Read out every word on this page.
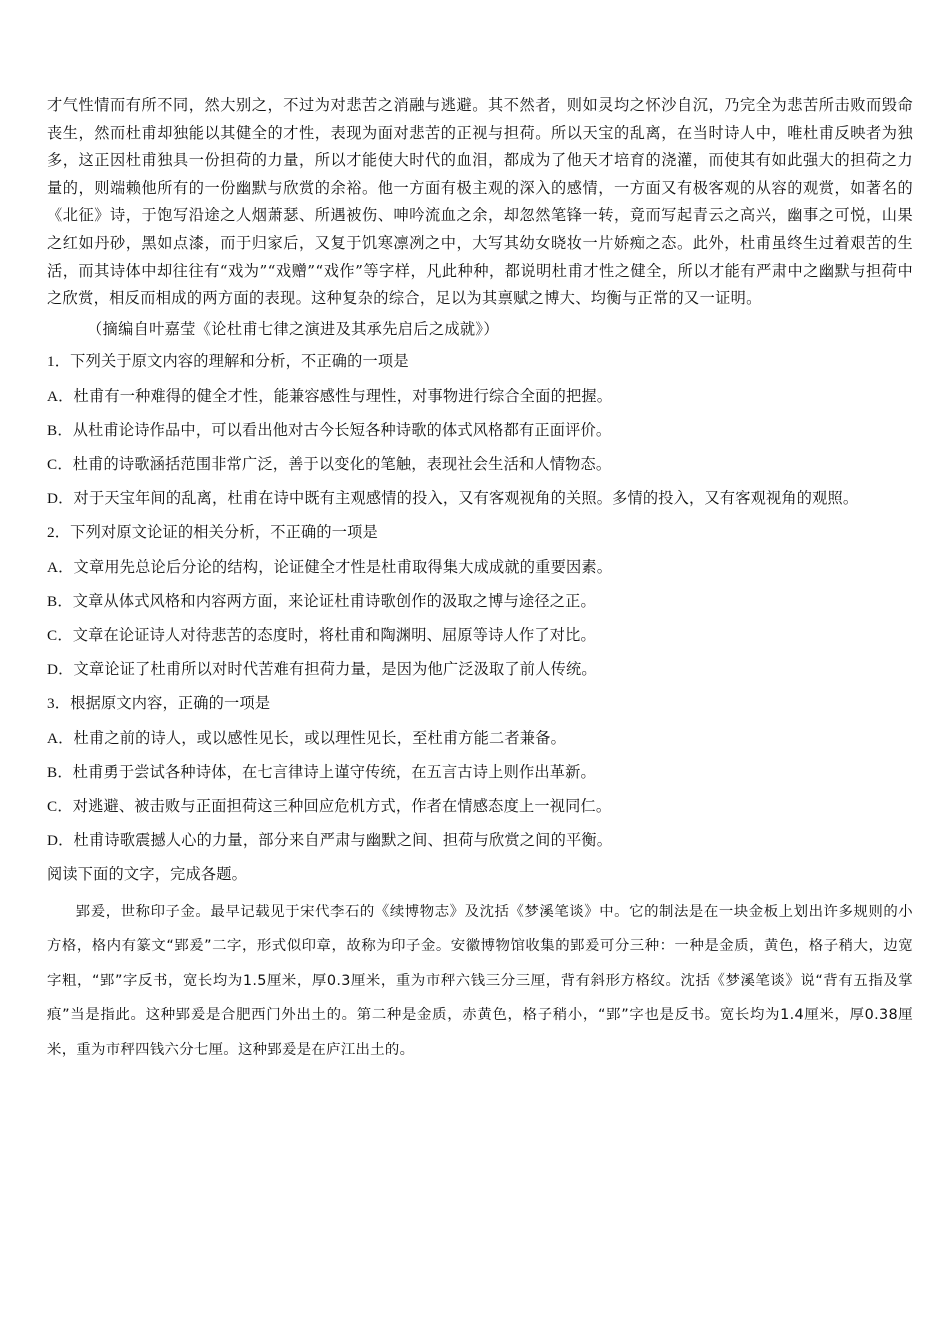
才气性情而有所不同，然大别之，不过为对悲苦之消融与逃避。其不然者，则如灵均之怀沙自沉，乃完全为悲苦所击败而毁命丧生，然而杜甫却独能以其健全的才性，表现为面对悲苦的正视与担荷。所以天宝的乱离，在当时诗人中，唯杜甫反映者为独多，这正因杜甫独具一份担荷的力量，所以才能使大时代的血泪，都成为了他天才培育的浇灌，而使其有如此强大的担荷之力量的，则端赖他所有的一份幽默与欣赏的余裕。他一方面有极主观的深入的感情，一方面又有极客观的从容的观赏，如著名的《北征》诗，于饱写沿途之人烟萧瑟、所遇被伤、呻吟流血之余，却忽然笔锋一转，竟而写起青云之高兴，幽事之可悦，山果之红如丹砂，黑如点漆，而于归家后，又复于饥寒凛冽之中，大写其幼女晓妆一片娇痴之态。此外，杜甫虽终生过着艰苦的生活，而其诗体中却往往有“戏为”“戏赠”“戏作”等字样，凡此种种，都说明杜甫才性之健全，所以才能有严肃中之幽默与担荷中之欣赏，相反而相成的两方面的表现。这种复杂的综合，足以为其禀赋之博大、均衡与正常的又一证明。

（摘编自叶嘉莹《论杜甫七律之演进及其承先启后之成就》）

1．下列关于原文内容的理解和分析，不正确的一项是

A．杜甫有一种难得的健全才性，能兼容感性与理性，对事物进行综合全面的把握。

B．从杜甫论诗作品中，可以看出他对古今长短各种诗歌的体式风格都有正面评价。

C．杜甫的诗歌涵括范围非常广泛，善于以变化的笔触，表现社会生活和人情物态。

D．对于天宝年间的乱离，杜甫在诗中既有主观感情的投入，又有客观视角的关照。多情的投入，又有客观视角的观照。

2．下列对原文论证的相关分析，不正确的一项是

A．文章用先总论后分论的结构，论证健全才性是杜甫取得集大成成就的重要因素。

B．文章从体式风格和内容两方面，来论证杜甫诗歌创作的汲取之博与途径之正。

C．文章在论证诗人对待悲苦的态度时，将杜甫和陶渊明、屈原等诗人作了对比。

D．文章论证了杜甫所以对时代苦难有担荷力量，是因为他广泛汲取了前人传统。

3．根据原文内容，正确的一项是

A．杜甫之前的诗人，或以感性见长，或以理性见长，至杜甫方能二者兼备。

B．杜甫勇于尝试各种诗体，在七言律诗上谨守传统，在五言古诗上则作出革新。

C．对逃避、被击败与正面担荷这三种回应危机方式，作者在情感态度上一视同仁。

D．杜甫诗歌震撼人心的力量，部分来自严肃与幽默之间、担荷与欣赏之间的平衡。

阅读下面的文字，完成各题。

郢爰，世称印子金。最早记载见于宋代李石的《续博物志》及沈括《梦溪笔谈》中。它的制法是在一块金板上划出许多规则的小方格，格内有篆文“郢爰”二字，形式似印章，故称为印子金。安徽博物馆收集的郢爰可分三种：一种是金质，黄色，格子稍大，边宽字粗，“郢”字反书，宽长均为1.5厘米，厚0.3厘米，重为市秤六钱三分三厘，背有斜形方格纹。沈括《梦溪笔谈》说“背有五指及掌痕”当是指此。这种郢爰是合肥西门外出土的。第二种是金质，赤黄色，格子稍小，“郢”字也是反书。宽长均为1.4厘米，厚0.38厘米，重为市秤四钱六分七厘。这种郢爰是在庐江出土的。
